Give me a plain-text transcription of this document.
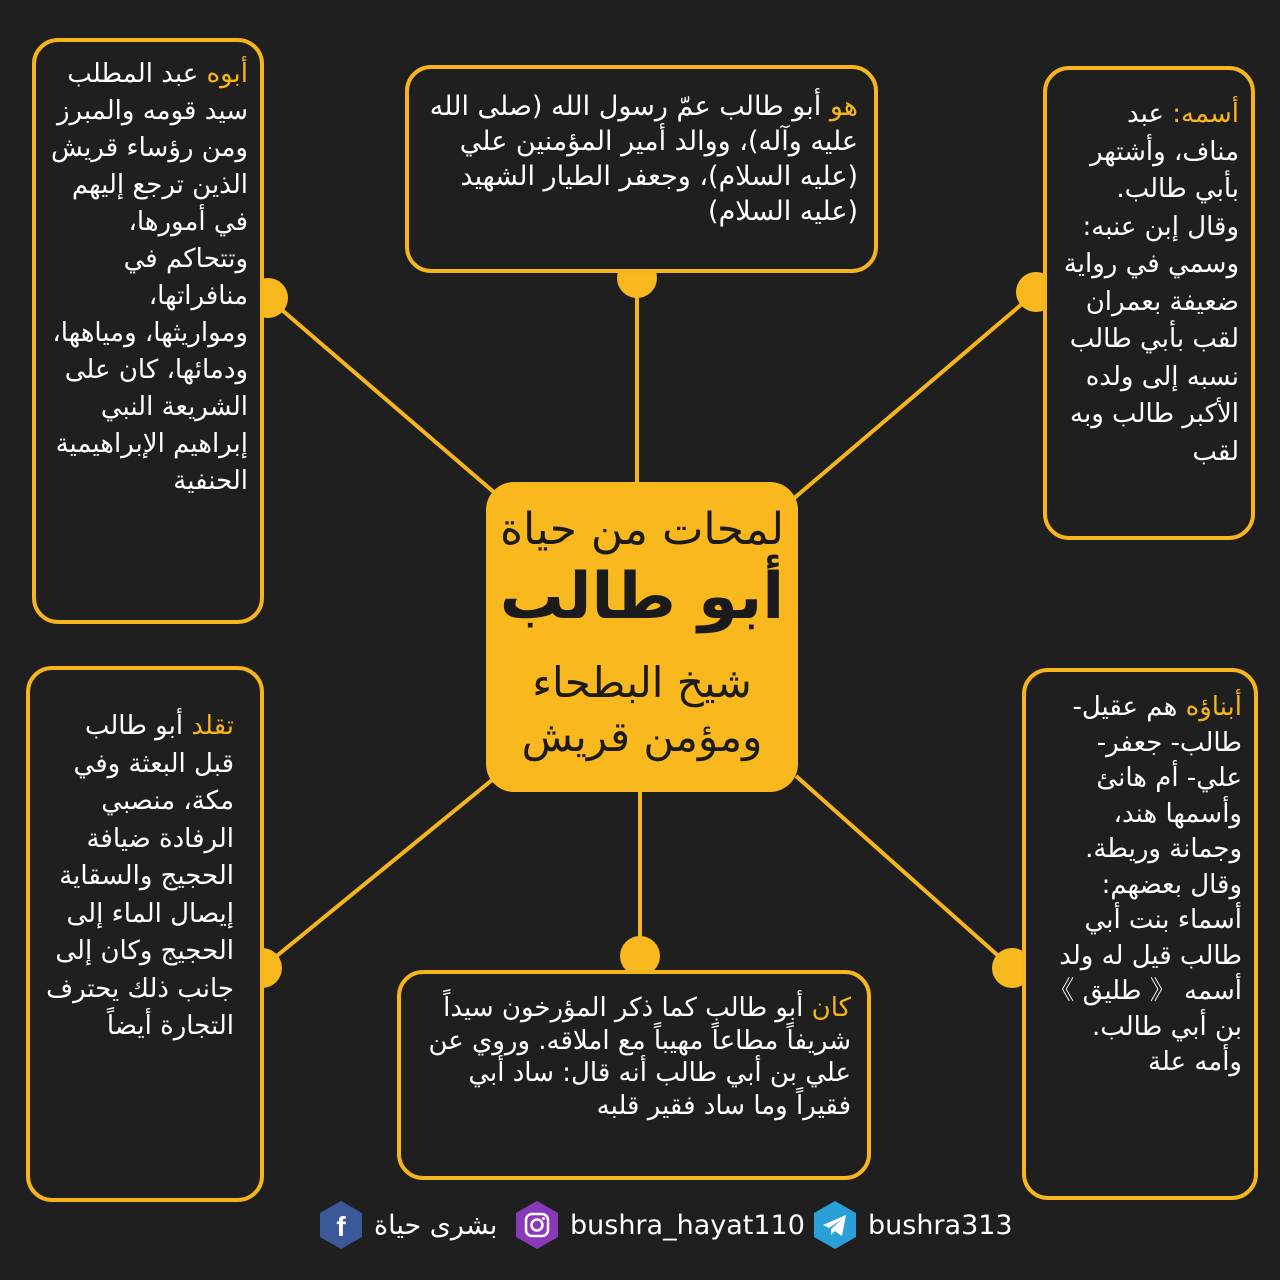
هو أبو طالب عمّ رسول الله (صلى الله عليه وآله)، ووالد أمير المؤمنين علي (عليه السلام)، وجعفر الطيار الشهيد (عليه السلام)
أبوه عبد المطلب سيد قومه والمبرز ومن رؤساء قريش الذين ترجع إليهم في أمورها، وتتحاكم في منافراتها، ومواريثها، ومياهها، ودمائها، كان على الشريعة النبي إبراهيم الإبراهيمية الحنفية
أسمه: عبد مناف، وأشتهر بأبي طالب. وقال إبن عنبه: وسمي في رواية ضعيفة بعمران لقب بأبي طالب نسبه إلى ولده الأكبر طالب وبه لقب
تقلد أبو طالب قبل البعثة وفي مكة، منصبي الرفادة ضيافة الحجيج والسقاية إيصال الماء إلى الحجيج وكان إلى جانب ذلك يحترف التجارة أيضاً
كان أبو طالب كما ذكر المؤرخون سيداً شريفاً مطاعاً مهيباً مع املاقه. وروي عن علي بن أبي طالب أنه قال: ساد أبي فقيراً وما ساد فقير قلبه
أبناؤه هم عقيل- طالب- جعفر- علي- أم هانئ وأسمها هند، وجمانة وريطة. وقال بعضهم: أسماء بنت أبي طالب قيل له ولد أسمه 《 طليق 》 بن أبي طالب. وأمه علة
لمحات من حياة
أبو طالب
شيخ البطحاء
ومؤمن قريش
f بشرى حياة	bushra_hayat110 bushra313
